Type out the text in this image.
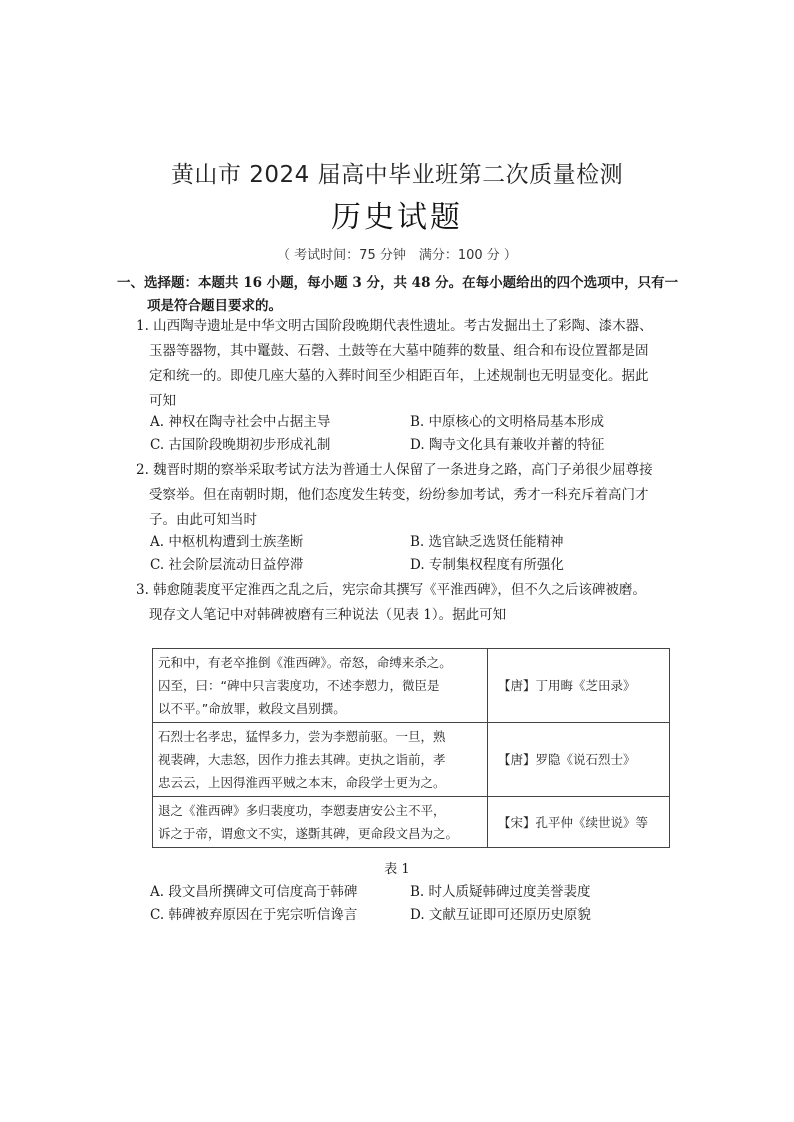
黄山市 2024 届高中毕业班第二次质量检测
历史试题
（ 考试时间：75 分钟　满分：100 分 ）
一、选择题：本题共 16 小题，每小题 3 分，共 48 分。在每小题给出的四个选项中，只有一
项是符合题目要求的。
1. 山西陶寺遗址是中华文明古国阶段晚期代表性遗址。考古发掘出土了彩陶、漆木器、
玉器等器物，其中鼍鼓、石磬、土鼓等在大墓中随葬的数量、组合和布设位置都是固
定和统一的。即使几座大墓的入葬时间至少相距百年，上述规制也无明显变化。据此
可知
A. 神权在陶寺社会中占据主导	B. 中原核心的文明格局基本形成
C. 古国阶段晚期初步形成礼制	D. 陶寺文化具有兼收并蓄的特征
2. 魏晋时期的察举采取考试方法为普通士人保留了一条进身之路，高门子弟很少屈尊接
受察举。但在南朝时期，他们态度发生转变，纷纷参加考试，秀才一科充斥着高门才
子。由此可知当时
A. 中枢机构遭到士族垄断	B. 选官缺乏选贤任能精神
C. 社会阶层流动日益停滞	D. 专制集权程度有所强化
3. 韩愈随裴度平定淮西之乱之后，宪宗命其撰写《平淮西碑》，但不久之后该碑被磨。
现存文人笔记中对韩碑被磨有三种说法（见表 1）。据此可知
元和中，有老卒推倒《淮西碑》。帝怒，命缚来杀之。
囚至，曰：“碑中只言裴度功，不述李愬力，微臣是
以不平。”命放罪，敕段文昌别撰。	【唐】丁用晦《芝田录》

石烈士名孝忠，猛悍多力，尝为李愬前驱。一旦，熟
视裴碑，大恚怒，因作力推去其碑。吏执之诣前，孝
忠云云，上因得淮西平贼之本末，命段学士更为之。	【唐】罗隐《说石烈士》

退之《淮西碑》多归裴度功，李愬妻唐安公主不平，
诉之于帝，谓愈文不实，遂斲其碑，更命段文昌为之。	【宋】孔平仲《续世说》等
表 1
A. 段文昌所撰碑文可信度高于韩碑	B. 时人质疑韩碑过度美誉裴度
C. 韩碑被弃原因在于宪宗听信谗言	D. 文献互证即可还原历史原貌
